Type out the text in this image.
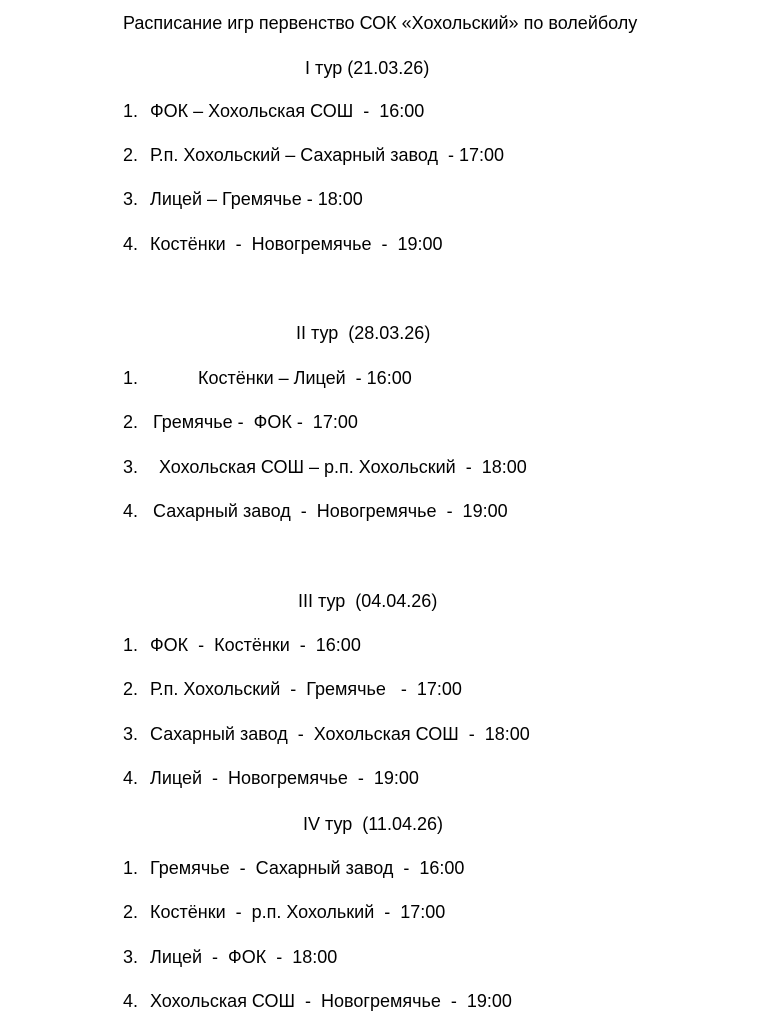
Расписание игр первенство СОК «Хохольский» по волейболу
I тур (21.03.26)
1. ФОК – Хохольская СОШ  -  16:00
2. Р.п. Хохольский – Сахарный завод  - 17:00
3. Лицей – Гремячье - 18:00
4. Костёнки  -  Новогремячье  -  19:00
II тур  (28.03.26)
1.	Костёнки – Лицей  - 16:00
2. Гремячье -  ФОК -  17:00
3. Хохольская СОШ – р.п. Хохольский  -  18:00
4. Сахарный завод  -  Новогремячье  -  19:00
III тур  (04.04.26)
1. ФОК  -  Костёнки  -  16:00
2. Р.п. Хохольский  -  Гремячье   -  17:00
3. Сахарный завод  -  Хохольская СОШ  -  18:00
4. Лицей  -  Новогремячье  -  19:00
IV тур  (11.04.26)
1. Гремячье  -  Сахарный завод  -  16:00
2. Костёнки  -  р.п. Хохолький  -  17:00
3. Лицей  -  ФОК  -  18:00
4. Хохольская СОШ  -  Новогремячье  -  19:00
